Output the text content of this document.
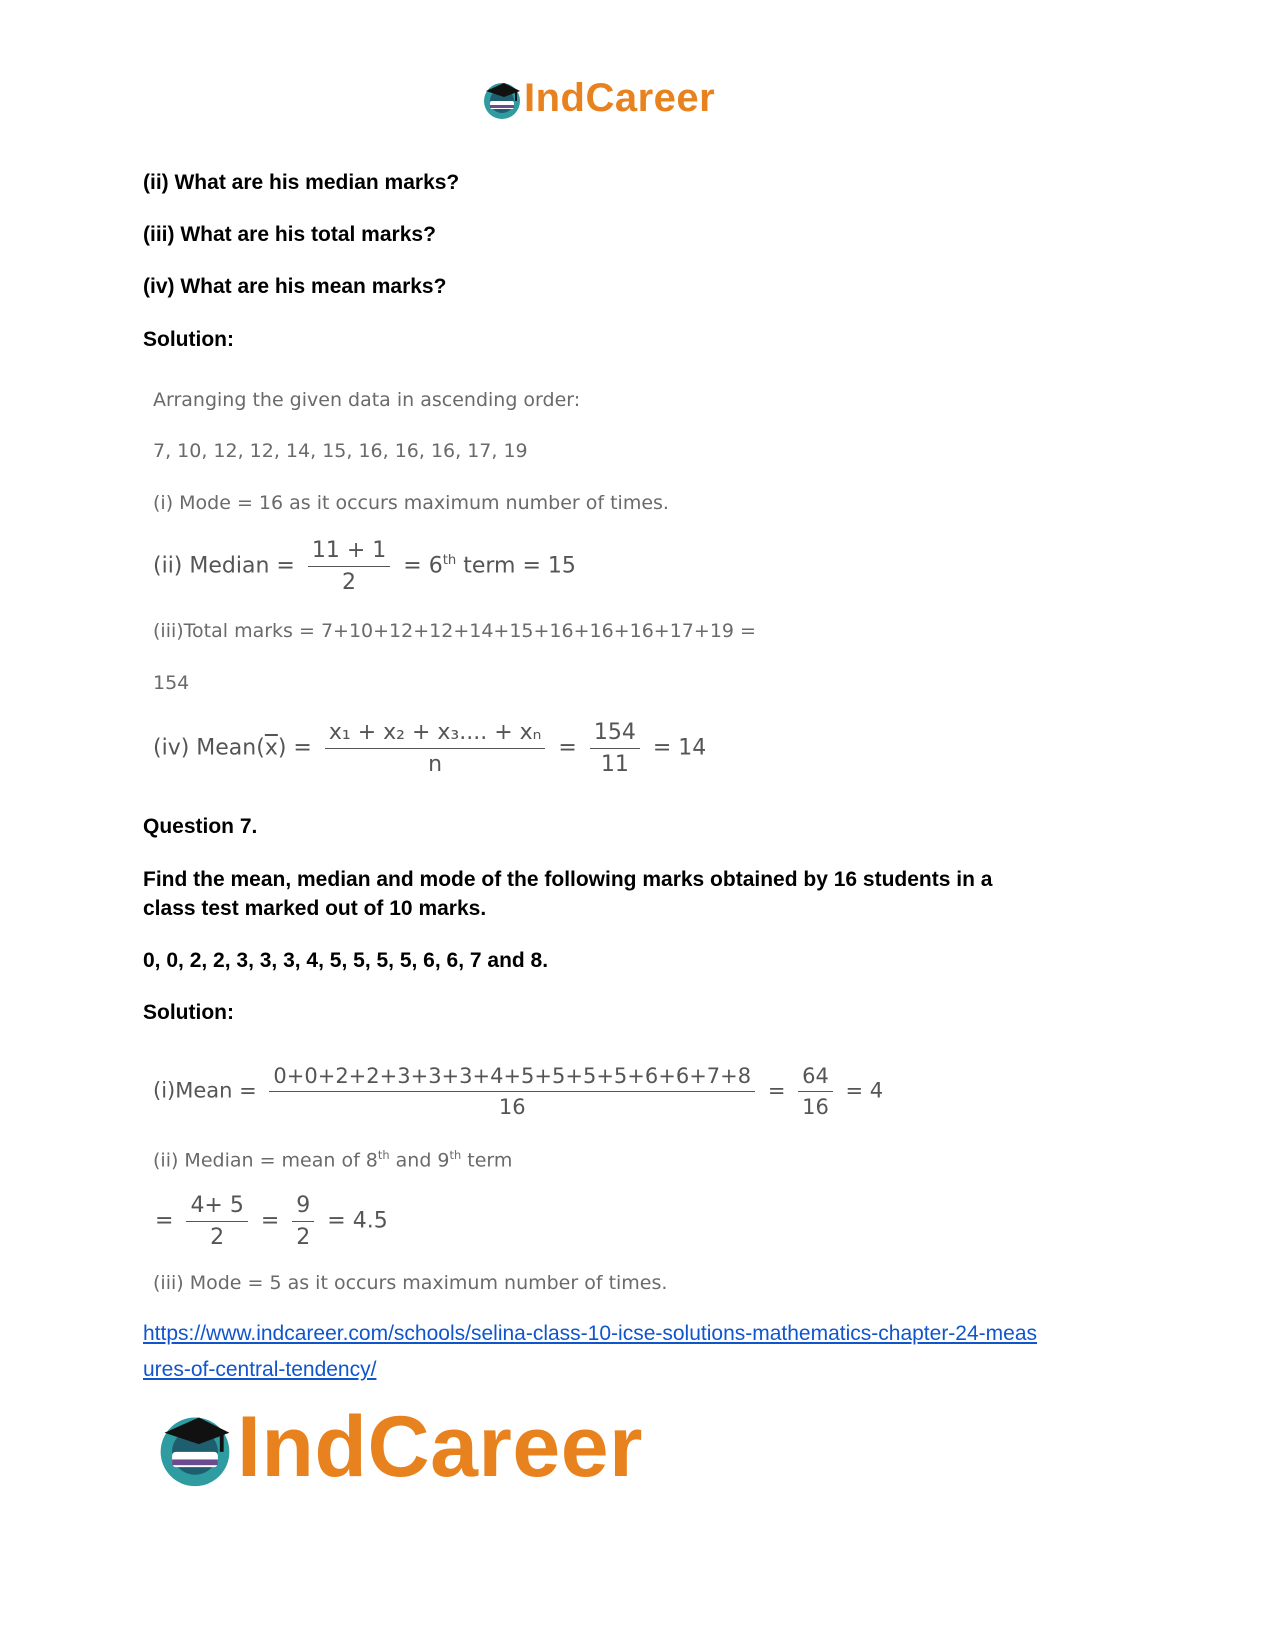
IndCareer
(ii) What are his median marks?
(iii) What are his total marks?
(iv) What are his mean marks?
Solution:
Arranging the given data in ascending order:
7, 10, 12, 12, 14, 15, 16, 16, 16, 17, 19
(i) Mode = 16 as it occurs maximum number of times.
(ii) Median = $\frac{11 + 1}{2} = 6th$ term = 15
(iii)Total marks = 7+10+12+12+14+15+16+16+16+17+19 =
154
(iv) $Mean(\overline{x}) = \frac{\text{x₁ + x₂ + x₃.... + xₙ}}{n} = \frac{154}{11} = 14$
Question 7.
Find the mean, median and mode of the following marks obtained by 16 students in a
class test marked out of 10 marks.
0, 0, 2, 2, 3, 3, 3, 4, 5, 5, 5, 5, 6, 6, 7 and 8.
Solution:
(i)Mean = $\frac{0+0+2+2+3+3+3+4+5+5+5+5+6+6+7+8}{16} = \frac{64}{16} = 4$
(ii) Median = mean of 8th and 9th term
= $\frac{4+ 5}{2} = \frac{9}{2} = 4.5$
(iii) Mode = 5 as it occurs maximum number of times.
https://www.indcareer.com/schools/selina-class-10-icse-solutions-mathematics-chapter-24-meas
ures-of-central-tendency/
IndCareer
